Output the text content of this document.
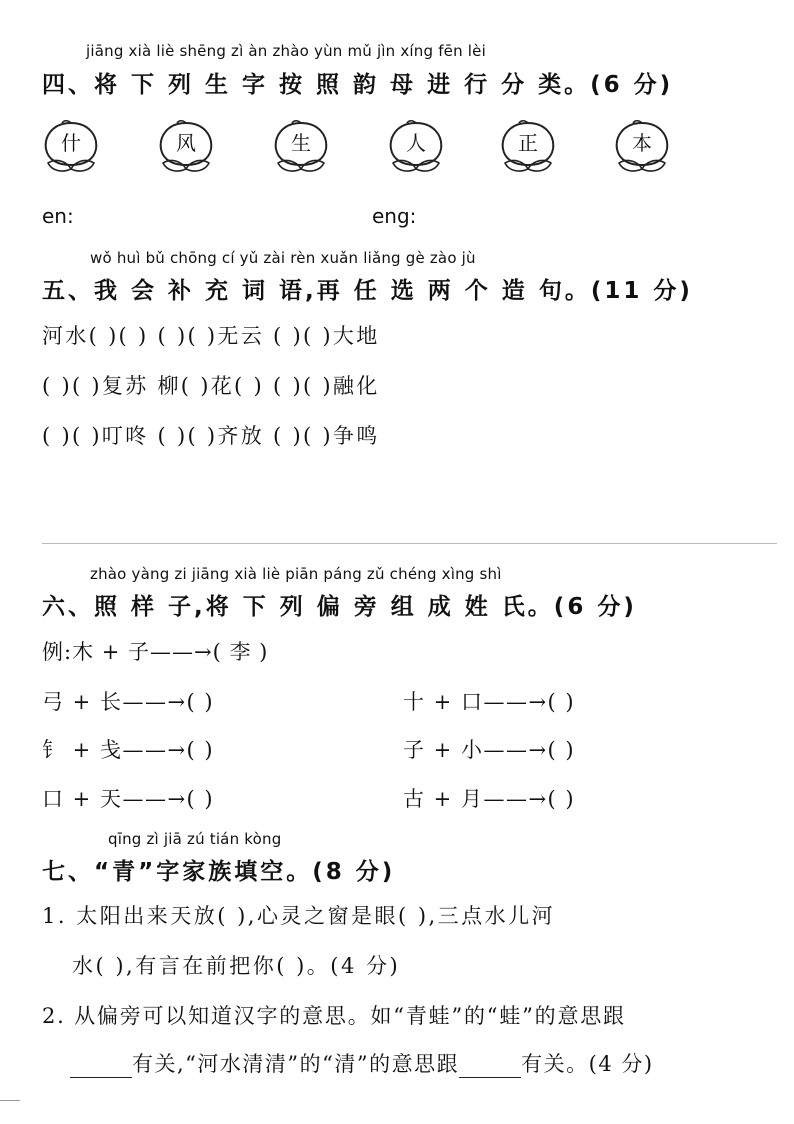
jiāng xià liè shēng zì àn zhào yùn mǔ jìn xíng fēn lèi
四、将 下 列 生 字 按 照 韵 母 进 行 分 类。(6 分)
什	风	生	人	正	本
en:	eng:
wǒ huì bǔ chōng cí yǔ zài rèn xuǎn liǎng gè zào jù
五、我 会 补 充 词 语,再 任 选 两 个 造 句。(11 分)
河水( )( ) ( )( )无云 ( )( )大地
( )( )复苏 柳( )花( ) ( )( )融化
( )( )叮咚 ( )( )齐放 ( )( )争鸣
zhào yàng zi jiāng xià liè piān páng zǔ chéng xìng shì
六、照 样 子,将 下 列 偏 旁 组 成 姓 氏。(6 分)
例:木 + 子——→( 李 )
弓 + 长——→( )
钅 + 戋——→( )
口 + 天——→( )
十 + 口——→( )
子 + 小——→( )
古 + 月——→( )
qīng zì jiā zú tián kòng
七、“青”字家族填空。(8 分)
1. 太阳出来天放( ),心灵之窗是眼( ),三点水儿河
水( ),有言在前把你( )。(4 分)
2. 从偏旁可以知道汉字的意思。如“青蛙”的“蛙”的意思跟
有关,“河水清清”的“清”的意思跟	有关。(4 分)
